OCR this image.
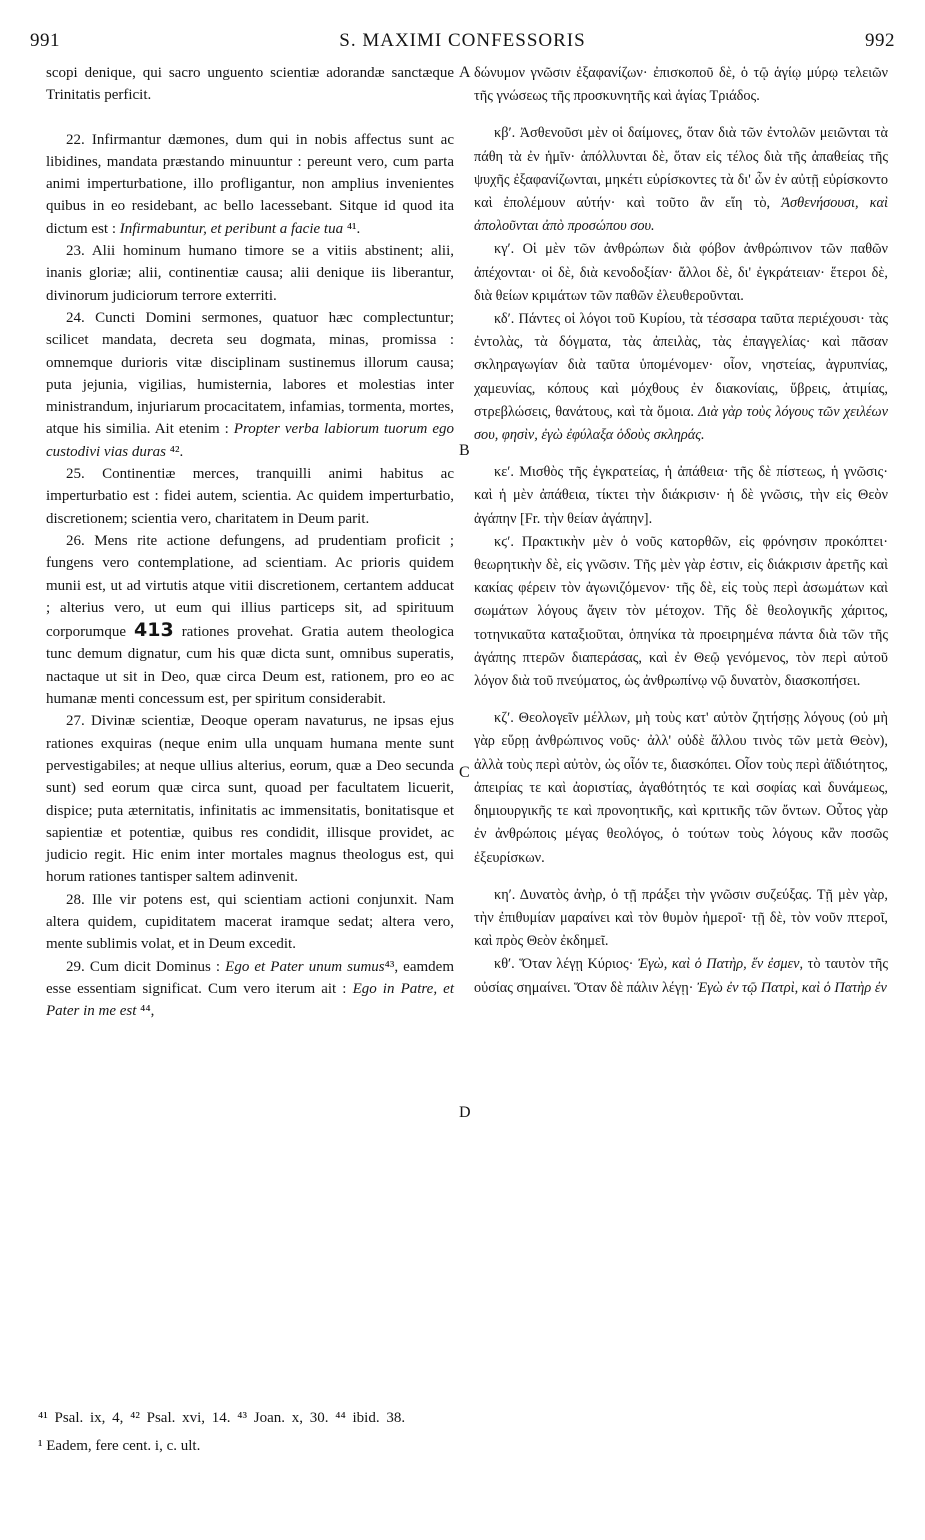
991	S. MAXIMI CONFESSORIS	992

scopi denique, qui sacro unguento scientiæ adorandæ sanctæque Trinitatis perficit.

22. Infirmantur dæmones, dum qui in nobis affectus sunt ac libidines, mandata præstando minuuntur : pereunt vero, cum parta animi imperturbatione, illo profligantur, non amplius invenientes quibus in eo residebant, ac bello lacessebant. Sitque id quod ita dictum est : Infirmabuntur, et peribunt a facie tua ⁴¹.

23. Alii hominum humano timore se a vitiis abstinent; alii, inanis gloriæ; alii, continentiæ causa; alii denique iis liberantur, divinorum judiciorum terrore exterriti.

24. Cuncti Domini sermones, quatuor hæc complectuntur; scilicet mandata, decreta seu dogmata, minas, promissa : omnemque durioris vitæ disciplinam sustinemus illorum causa; puta jejunia, vigilias, humisternia, labores et molestias inter ministrandum, injuriarum procacitatem, infamias, tormenta, mortes, atque his similia. Ait etenim : Propter verba labiorum tuorum ego custodivi vias duras ⁴².

25. Continentiæ merces, tranquilli animi habitus ac imperturbatio est : fidei autem, scientia. Ac quidem imperturbatio, discretionem; scientia vero, charitatem in Deum parit.

26. Mens rite actione defungens, ad prudentiam proficit ; fungens vero contemplatione, ad scientiam. Ac prioris quidem munii est, ut ad virtutis atque vitii discretionem, certantem adducat ; alterius vero, ut eum qui illius particeps sit, ad spirituum corporumque 413 rationes provehat. Gratia autem theologica tunc demum dignatur, cum his quæ dicta sunt, omnibus superatis, nactaque ut sit in Deo, quæ circa Deum est, rationem, pro eo ac humanæ menti concessum est, per spiritum considerabit.

27. Divinæ scientiæ, Deoque operam navaturus, ne ipsas ejus rationes exquiras (neque enim ulla unquam humana mente sunt pervestigabiles; at neque ullius alterius, eorum, quæ a Deo secunda sunt) sed eorum quæ circa sunt, quoad per facultatem licuerit, dispice; puta æternitatis, infinitatis ac immensitatis, bonitatisque et sapientiæ et potentiæ, quibus res condidit, illisque providet, ac judicio regit. Hic enim inter mortales magnus theologus est, qui horum rationes tantisper saltem adinvenit.

28. Ille vir potens est, qui scientiam actioni conjunxit. Nam altera quidem, cupiditatem macerat iramque sedat; altera vero, mente sublimis volat, et in Deum excedit.

29. Cum dicit Dominus : Ego et Pater unum sumus⁴³, eamdem esse essentiam significat. Cum vero iterum ait : Ego in Patre, et Pater in me est ⁴⁴,

A
B
C
D

δώνυμον γνῶσιν ἐξαφανίζων· ἐπισκοποῦ δὲ, ὁ τῷ ἁγίῳ μύρῳ τελειῶν τῆς γνώσεως τῆς προσκυνητῆς καὶ ἁγίας Τριάδος.

κβʹ. Ἀσθενοῦσι μὲν οἱ δαίμονες, ὅταν διὰ τῶν ἐντολῶν μειῶνται τὰ πάθη τὰ ἐν ἡμῖν· ἀπόλλυνται δὲ, ὅταν εἰς τέλος διὰ τῆς ἀπαθείας τῆς ψυχῆς ἐξαφανίζωνται, μηκέτι εὑρίσκοντες τὰ δι' ὧν ἐν αὐτῇ εὑρίσκοντο καὶ ἐπολέμουν αὐτήν· καὶ τοῦτο ἂν εἴη τὸ, Ἀσθενήσουσι, καὶ ἀπολοῦνται ἀπὸ προσώπου σου.

κγʹ. Οἱ μὲν τῶν ἀνθρώπων διὰ φόβον ἀνθρώπινον τῶν παθῶν ἀπέχονται· οἱ δὲ, διὰ κενοδοξίαν· ἄλλοι δὲ, δι' ἐγκράτειαν· ἕτεροι δὲ, διὰ θείων κριμάτων τῶν παθῶν ἐλευθεροῦνται.

κδʹ. Πάντες οἱ λόγοι τοῦ Κυρίου, τὰ τέσσαρα ταῦτα περιέχουσι· τὰς ἐντολὰς, τὰ δόγματα, τὰς ἀπειλὰς, τὰς ἐπαγγελίας· καὶ πᾶσαν σκληραγωγίαν διὰ ταῦτα ὑπομένομεν· οἷον, νηστείας, ἀγρυπνίας, χαμευνίας, κόπους καὶ μόχθους ἐν διακονίαις, ὕβρεις, ἀτιμίας, στρεβλώσεις, θανάτους, καὶ τὰ ὅμοια. Διὰ γὰρ τοὺς λόγους τῶν χειλέων σου, φησὶν, ἐγὼ ἐφύλαξα ὁδοὺς σκληράς.

κεʹ. Μισθὸς τῆς ἐγκρατείας, ἡ ἀπάθεια· τῆς δὲ πίστεως, ἡ γνῶσις· καὶ ἡ μὲν ἀπάθεια, τίκτει τὴν διάκρισιν· ἡ δὲ γνῶσις, τὴν εἰς Θεὸν ἀγάπην [Fr. τὴν θείαν ἀγάπην].

κϛʹ. Πρακτικὴν μὲν ὁ νοῦς κατορθῶν, εἰς φρόνησιν προκόπτει· θεωρητικὴν δὲ, εἰς γνῶσιν. Τῆς μὲν γὰρ ἐστιν, εἰς διάκρισιν ἀρετῆς καὶ κακίας φέρειν τὸν ἀγωνιζόμενον· τῆς δὲ, εἰς τοὺς περὶ ἀσωμάτων καὶ σωμάτων λόγους ἄγειν τὸν μέτοχον. Τῆς δὲ θεολογικῆς χάριτος, τοτηνικαῦτα καταξιοῦται, ὁπηνίκα τὰ προειρημένα πάντα διὰ τῶν τῆς ἀγάπης πτερῶν διαπεράσας, καὶ ἐν Θεῷ γενόμενος, τὸν περὶ αὐτοῦ λόγον διὰ τοῦ πνεύματος, ὡς ἀνθρωπίνῳ νῷ δυνατὸν, διασκοπήσει.

κζʹ. Θεολογεῖν μέλλων, μὴ τοὺς κατ' αὐτὸν ζητήσῃς λόγους (οὐ μὴ γὰρ εὕρῃ ἀνθρώπινος νοῦς· ἀλλ' οὐδὲ ἄλλου τινὸς τῶν μετὰ Θεὸν), ἀλλὰ τοὺς περὶ αὐτὸν, ὡς οἷόν τε, διασκόπει. Οἷον τοὺς περὶ ἀϊδιότητος, ἀπειρίας τε καὶ ἀοριστίας, ἀγαθότητός τε καὶ σοφίας καὶ δυνάμεως, δημιουργικῆς τε καὶ προνοητικῆς, καὶ κριτικῆς τῶν ὄντων. Οὗτος γὰρ ἐν ἀνθρώποις μέγας θεολόγος, ὁ τούτων τοὺς λόγους κἂν ποσῶς ἐξευρίσκων.

κηʹ. Δυνατὸς ἀνὴρ, ὁ τῇ πράξει τὴν γνῶσιν συζεύξας. Τῇ μὲν γὰρ, τὴν ἐπιθυμίαν μαραίνει καὶ τὸν θυμὸν ἡμεροῖ· τῇ δὲ, τὸν νοῦν πτεροῖ, καὶ πρὸς Θεὸν ἐκδημεῖ.

κθʹ. Ὅταν λέγῃ Κύριος· Ἐγὼ, καὶ ὁ Πατὴρ, ἕν ἐσμεν, τὸ ταυτὸν τῆς οὐσίας σημαίνει. Ὅταν δὲ πάλιν λέγῃ· Ἐγὼ ἐν τῷ Πατρὶ, καὶ ὁ Πατὴρ ἐν

⁴¹ Psal. ix, 4, ⁴² Psal. xvi, 14. ⁴³ Joan. x, 30. ⁴⁴ ibid. 38.
¹ Eadem, fere cent. i, c. ult.
